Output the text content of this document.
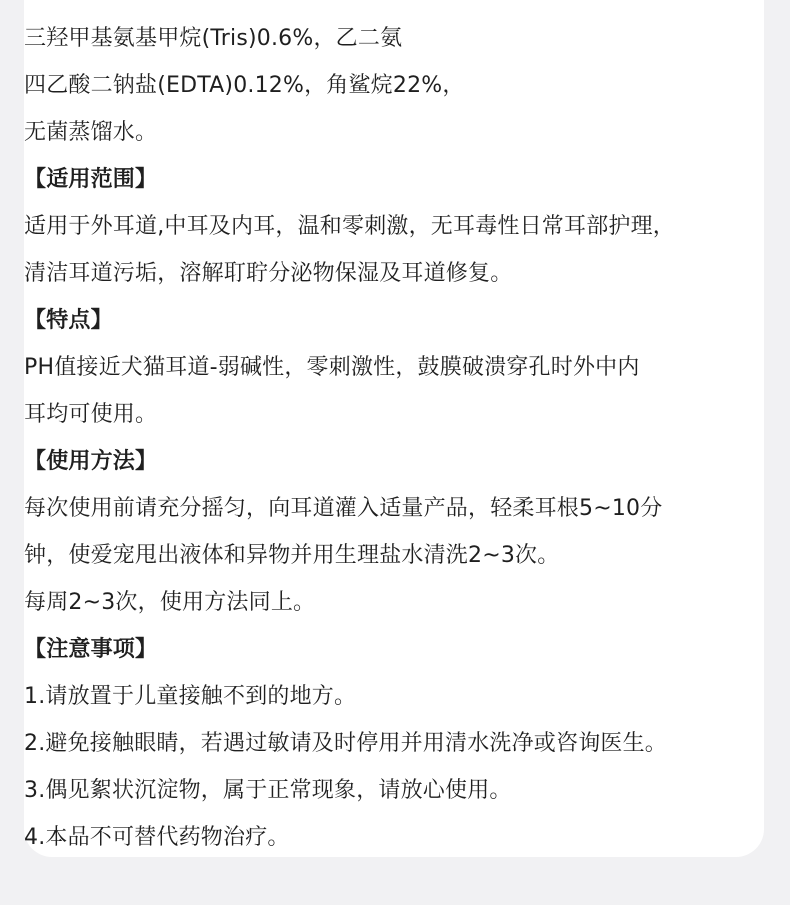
三羟甲基氨基甲烷(Tris)0.6%，乙二氨
四乙酸二钠盐(EDTA)0.12%，角鲨烷22%，
无菌蒸馏水。
【适用范围】
适用于外耳道,中耳及内耳，温和零刺激，无耳毒性日常耳部护理，
清洁耳道污垢，溶解耵聍分泌物保湿及耳道修复。
【特点】
PH值接近犬猫耳道-弱碱性，零刺激性，鼓膜破溃穿孔时外中内
耳均可使用。
【使用方法】
每次使用前请充分摇匀，向耳道灌入适量产品，轻柔耳根5~10分
钟，使爱宠甩出液体和异物并用生理盐水清洗2~3次。
每周2~3次，使用方法同上。
【注意事项】
1.请放置于儿童接触不到的地方。
2.避免接触眼睛，若遇过敏请及时停用并用清水洗净或咨询医生。
3.偶见絮状沉淀物，属于正常现象，请放心使用。
4.本品不可替代药物治疗。
